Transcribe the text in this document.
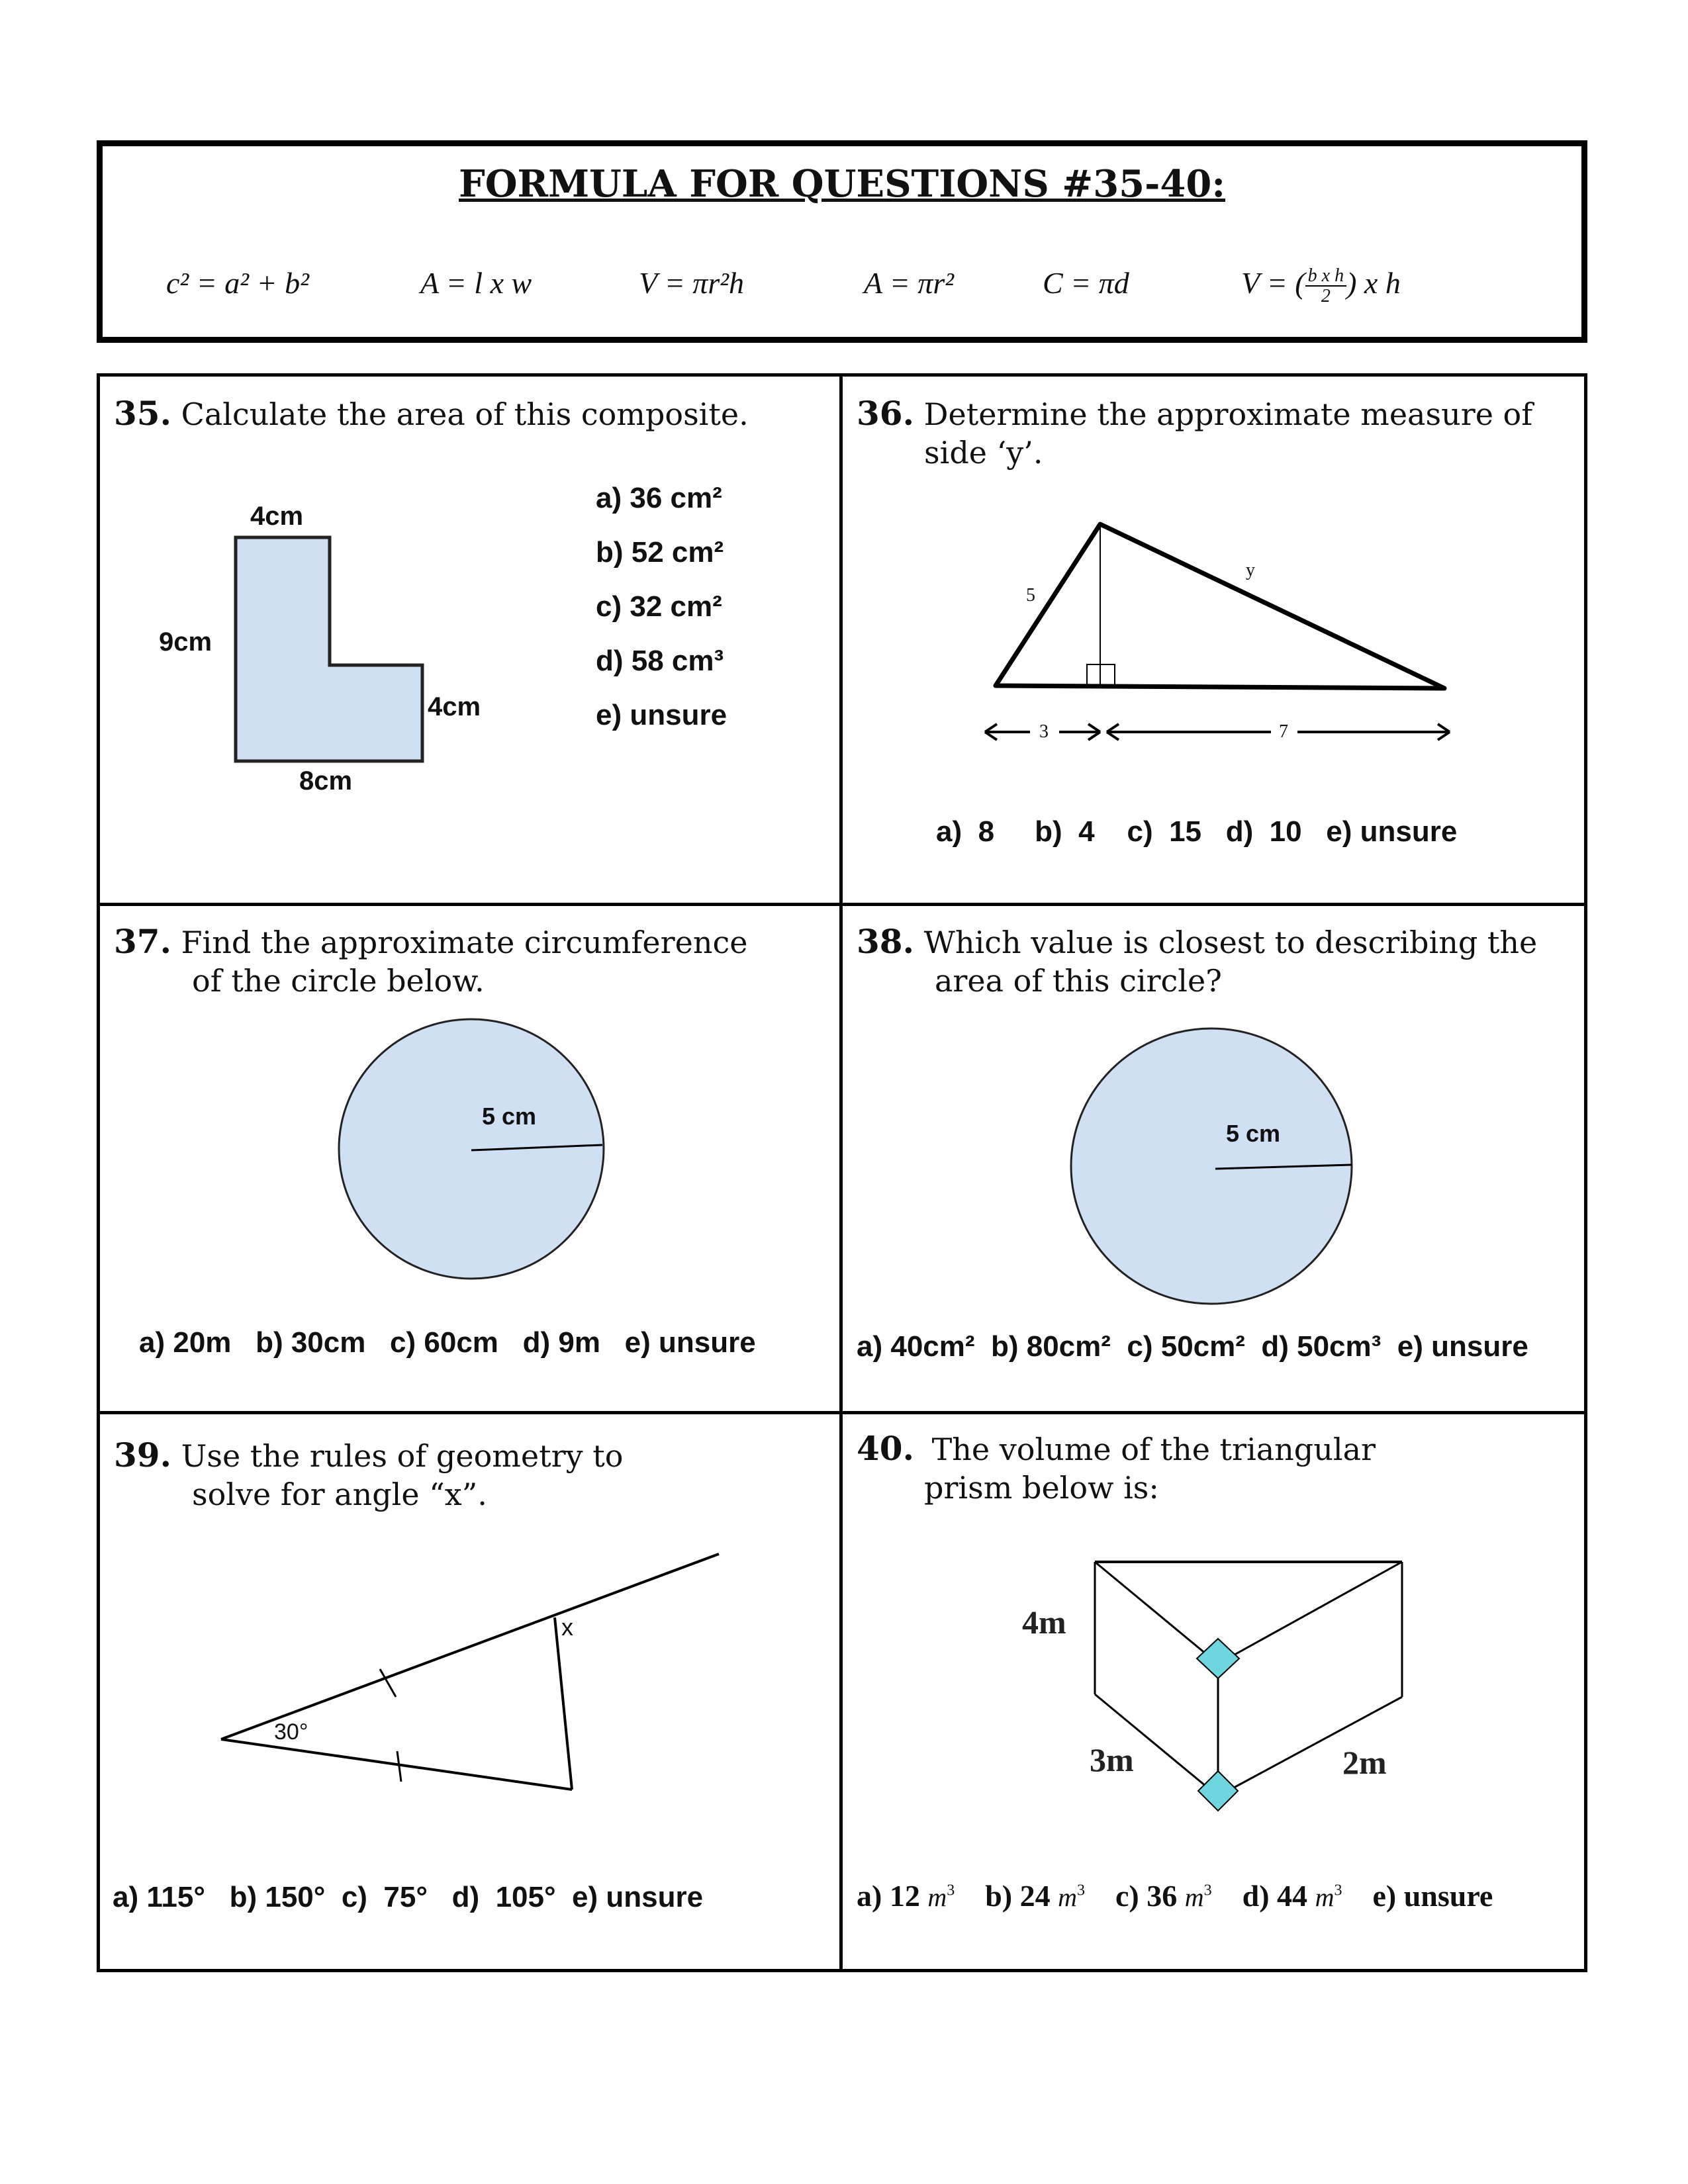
FORMULA FOR QUESTIONS #35-40:
c² = a² + b²	A = l x w	V = πr²h	A = πr²	C = πd	V = ( $\frac{\text{b x h}}{2}$ ) x h
35. Calculate the area of this composite.
4cm
9cm
4cm
8cm
a) 36 cm²
b) 52 cm²
c) 32 cm²
d) 58 cm³
e) unsure
36. Determine the approximate measure of
side ‘y’.
5
y
3	7
a)  8     b)  4    c)  15   d)  10   e) unsure
37. Find the approximate circumference
of the circle below.
5 cm
a) 20m   b) 30cm   c) 60cm   d) 9m   e) unsure
38. Which value is closest to describing the
area of this circle?
5 cm
a) 40cm²  b) 80cm²  c) 50cm²  d) 50cm³  e) unsure
39. Use the rules of geometry to
solve for angle “x”.
30°
x
a) 115°   b) 150°  c)  75°   d)  105°  e) unsure
40. The volume of the triangular
prism below is:
4m
3m	2m
a) 12 $m^3$ b) 24 $m^3$ c) 36 $m^3$ d) 44 $m^3$ e) unsure
